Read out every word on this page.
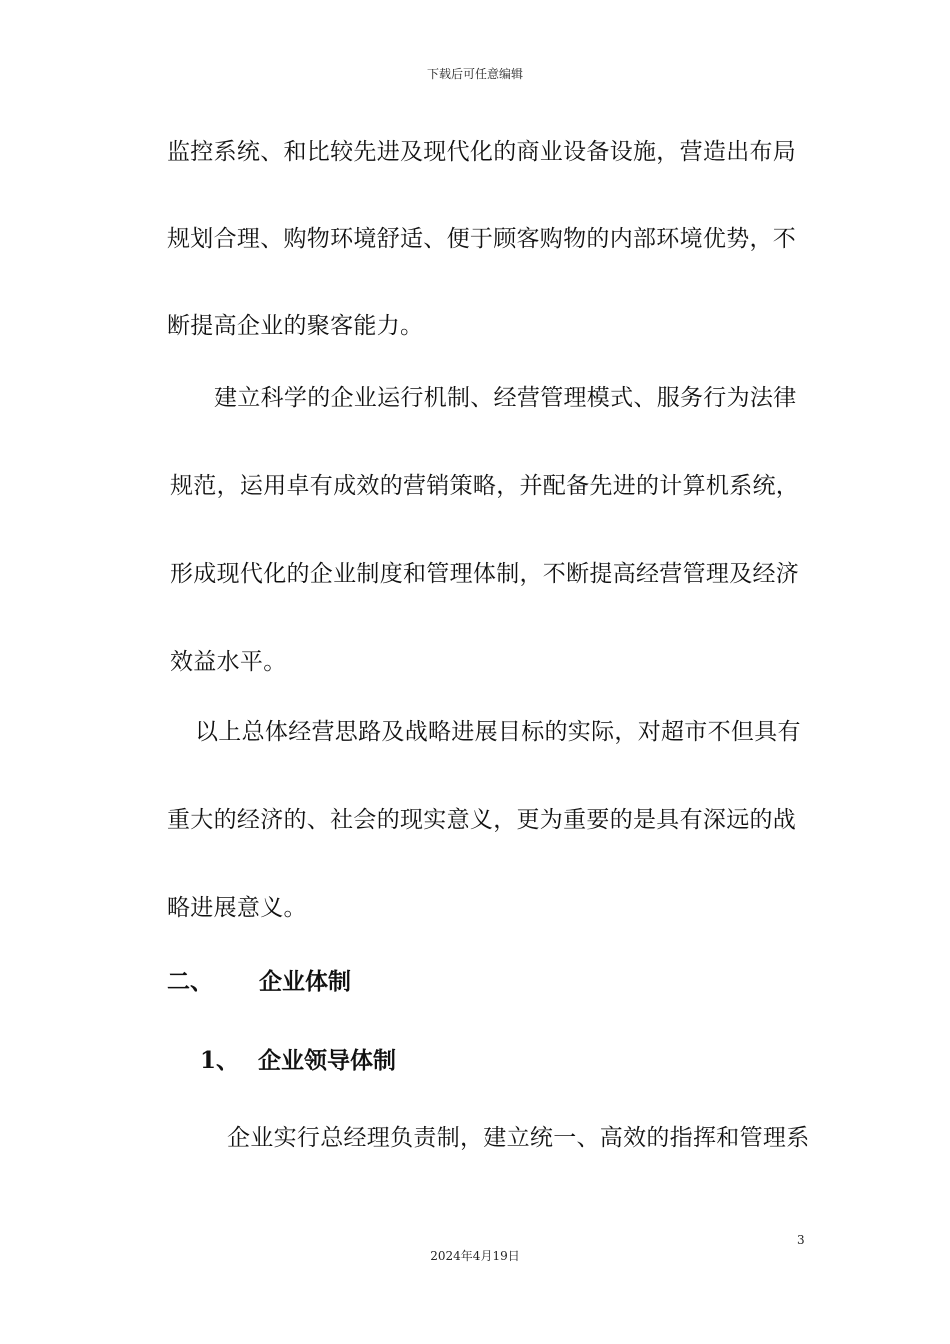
下载后可任意编辑
监控系统、和比较先进及现代化的商业设备设施，营造出布局
规划合理、购物环境舒适、便于顾客购物的内部环境优势，不
断提高企业的聚客能力。
建立科学的企业运行机制、经营管理模式、服务行为法律
规范，运用卓有成效的营销策略，并配备先进的计算机系统，
形成现代化的企业制度和管理体制，不断提高经营管理及经济
效益水平。
以上总体经营思路及战略进展目标的实际，对超市不但具有
重大的经济的、社会的现实意义，更为重要的是具有深远的战
略进展意义。
二、 企业体制
1、 企业领导体制
企业实行总经理负责制，建立统一、高效的指挥和管理系
3
2024年4月19日
